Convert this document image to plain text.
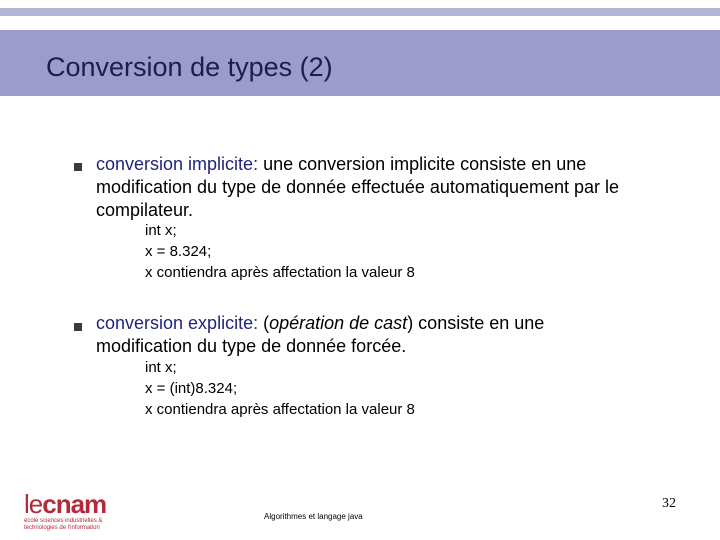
Conversion de types (2)
conversion implicite: une conversion implicite consiste en une
modification du type de donnée effectuée automatiquement par le
compilateur.
int x;
x = 8.324;
x contiendra après affectation la valeur 8
conversion explicite: (opération de cast) consiste en une
modification du type de donnée forcée.
int x;
x = (int)8.324;
x contiendra après affectation la valeur 8
lecnam
école sciences industrielles &
technologies de l'information
Algorithmes et langage java
32
